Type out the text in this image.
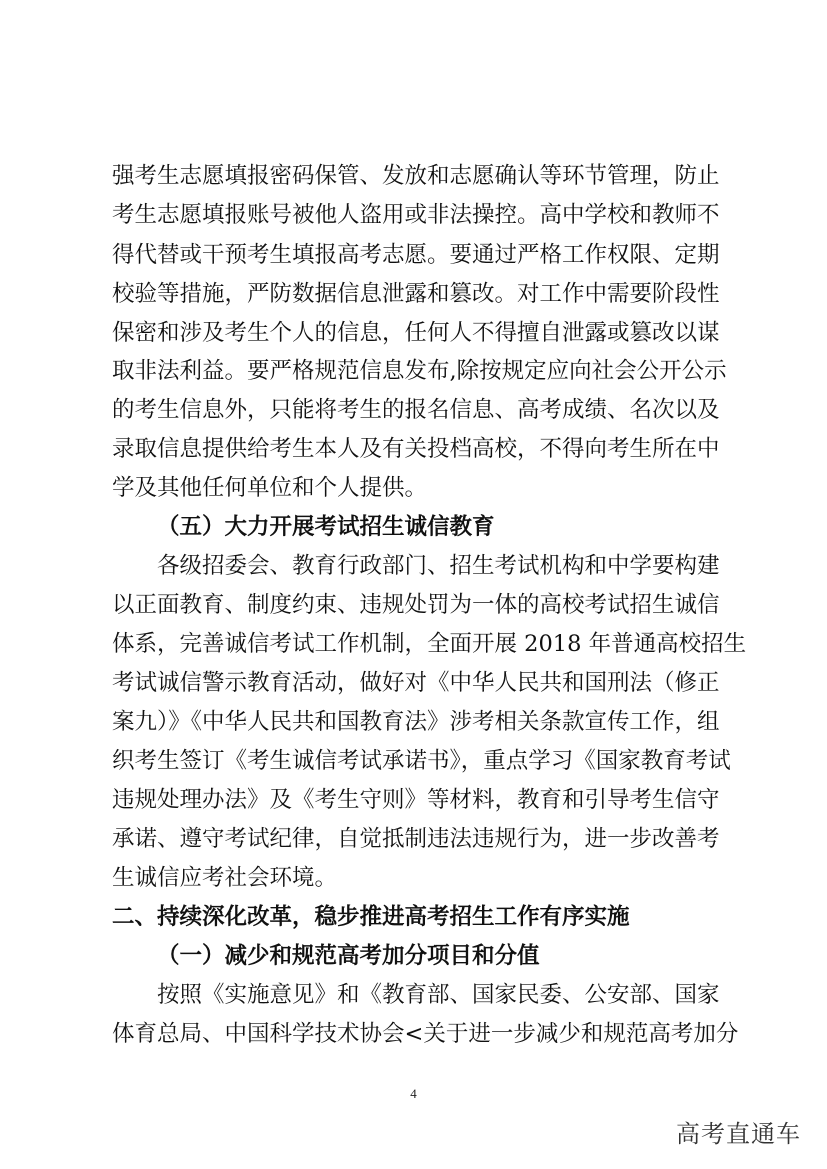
强考生志愿填报密码保管、发放和志愿确认等环节管理，防止
考生志愿填报账号被他人盗用或非法操控。高中学校和教师不
得代替或干预考生填报高考志愿。要通过严格工作权限、定期
校验等措施，严防数据信息泄露和篡改。对工作中需要阶段性
保密和涉及考生个人的信息，任何人不得擅自泄露或篡改以谋
取非法利益。要严格规范信息发布,除按规定应向社会公开公示
的考生信息外，只能将考生的报名信息、高考成绩、名次以及
录取信息提供给考生本人及有关投档高校，不得向考生所在中
学及其他任何单位和个人提供。
（五）大力开展考试招生诚信教育
各级招委会、教育行政部门、招生考试机构和中学要构建
以正面教育、制度约束、违规处罚为一体的高校考试招生诚信
体系，完善诚信考试工作机制，全面开展 2018 年普通高校招生
考试诚信警示教育活动，做好对《中华人民共和国刑法（修正
案九）》《中华人民共和国教育法》涉考相关条款宣传工作，组
织考生签订《考生诚信考试承诺书》，重点学习《国家教育考试
违规处理办法》及《考生守则》等材料，教育和引导考生信守
承诺、遵守考试纪律，自觉抵制违法违规行为，进一步改善考
生诚信应考社会环境。
二、持续深化改革，稳步推进高考招生工作有序实施
（一）减少和规范高考加分项目和分值
按照《实施意见》和《教育部、国家民委、公安部、国家
体育总局、中国科学技术协会<关于进一步减少和规范高考加分
4
高考直通车
